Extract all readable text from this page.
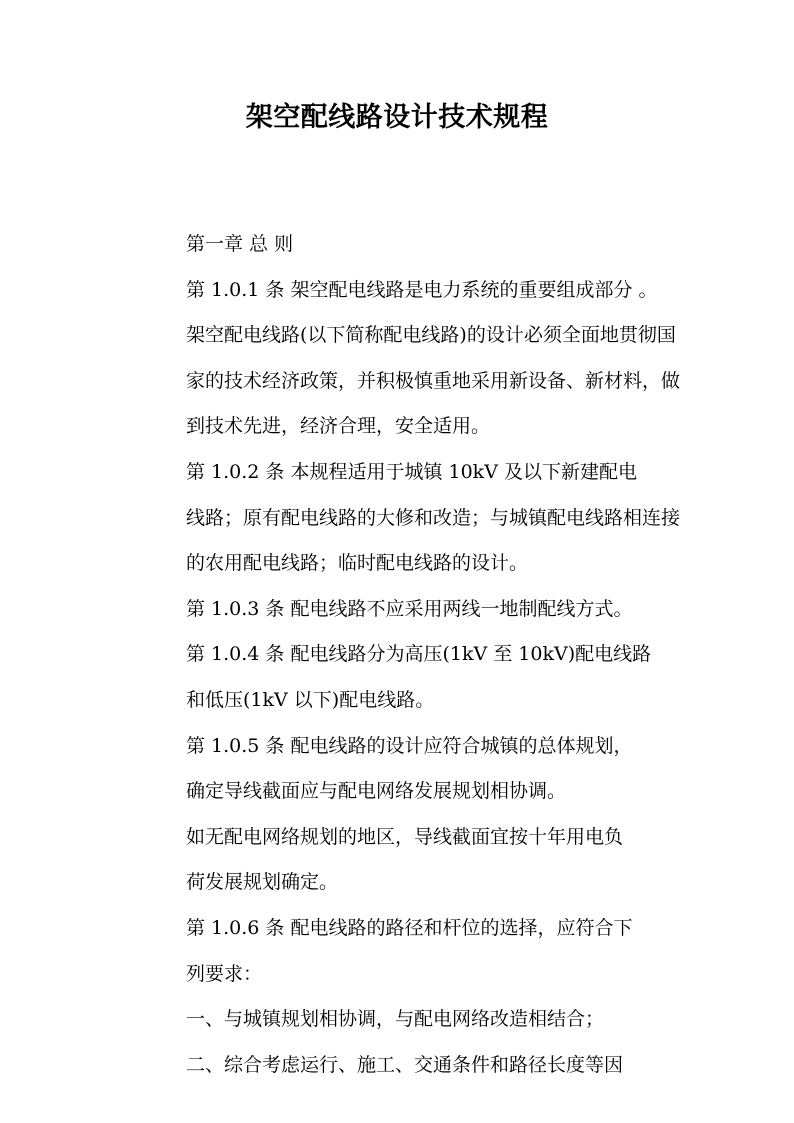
架空配线路设计技术规程

第一章 总 则

第 1.0.1 条 架空配电线路是电力系统的重要组成部分 。
架空配电线路(以下简称配电线路)的设计必须全面地贯彻国
家的技术经济政策，并积极慎重地采用新设备、新材料，做
到技术先进，经济合理，安全适用。

第 1.0.2 条 本规程适用于城镇 10kV 及以下新建配电
线路；原有配电线路的大修和改造；与城镇配电线路相连接
的农用配电线路；临时配电线路的设计。

第 1.0.3 条 配电线路不应采用两线一地制配线方式。

第 1.0.4 条 配电线路分为高压(1kV 至 10kV)配电线路
和低压(1kV 以下)配电线路。

第 1.0.5 条 配电线路的设计应符合城镇的总体规划，
确定导线截面应与配电网络发展规划相协调。

如无配电网络规划的地区，导线截面宜按十年用电负
荷发展规划确定。

第 1.0.6 条 配电线路的路径和杆位的选择，应符合下
列要求：

一、与城镇规划相协调，与配电网络改造相结合；

二、综合考虑运行、施工、交通条件和路径长度等因
